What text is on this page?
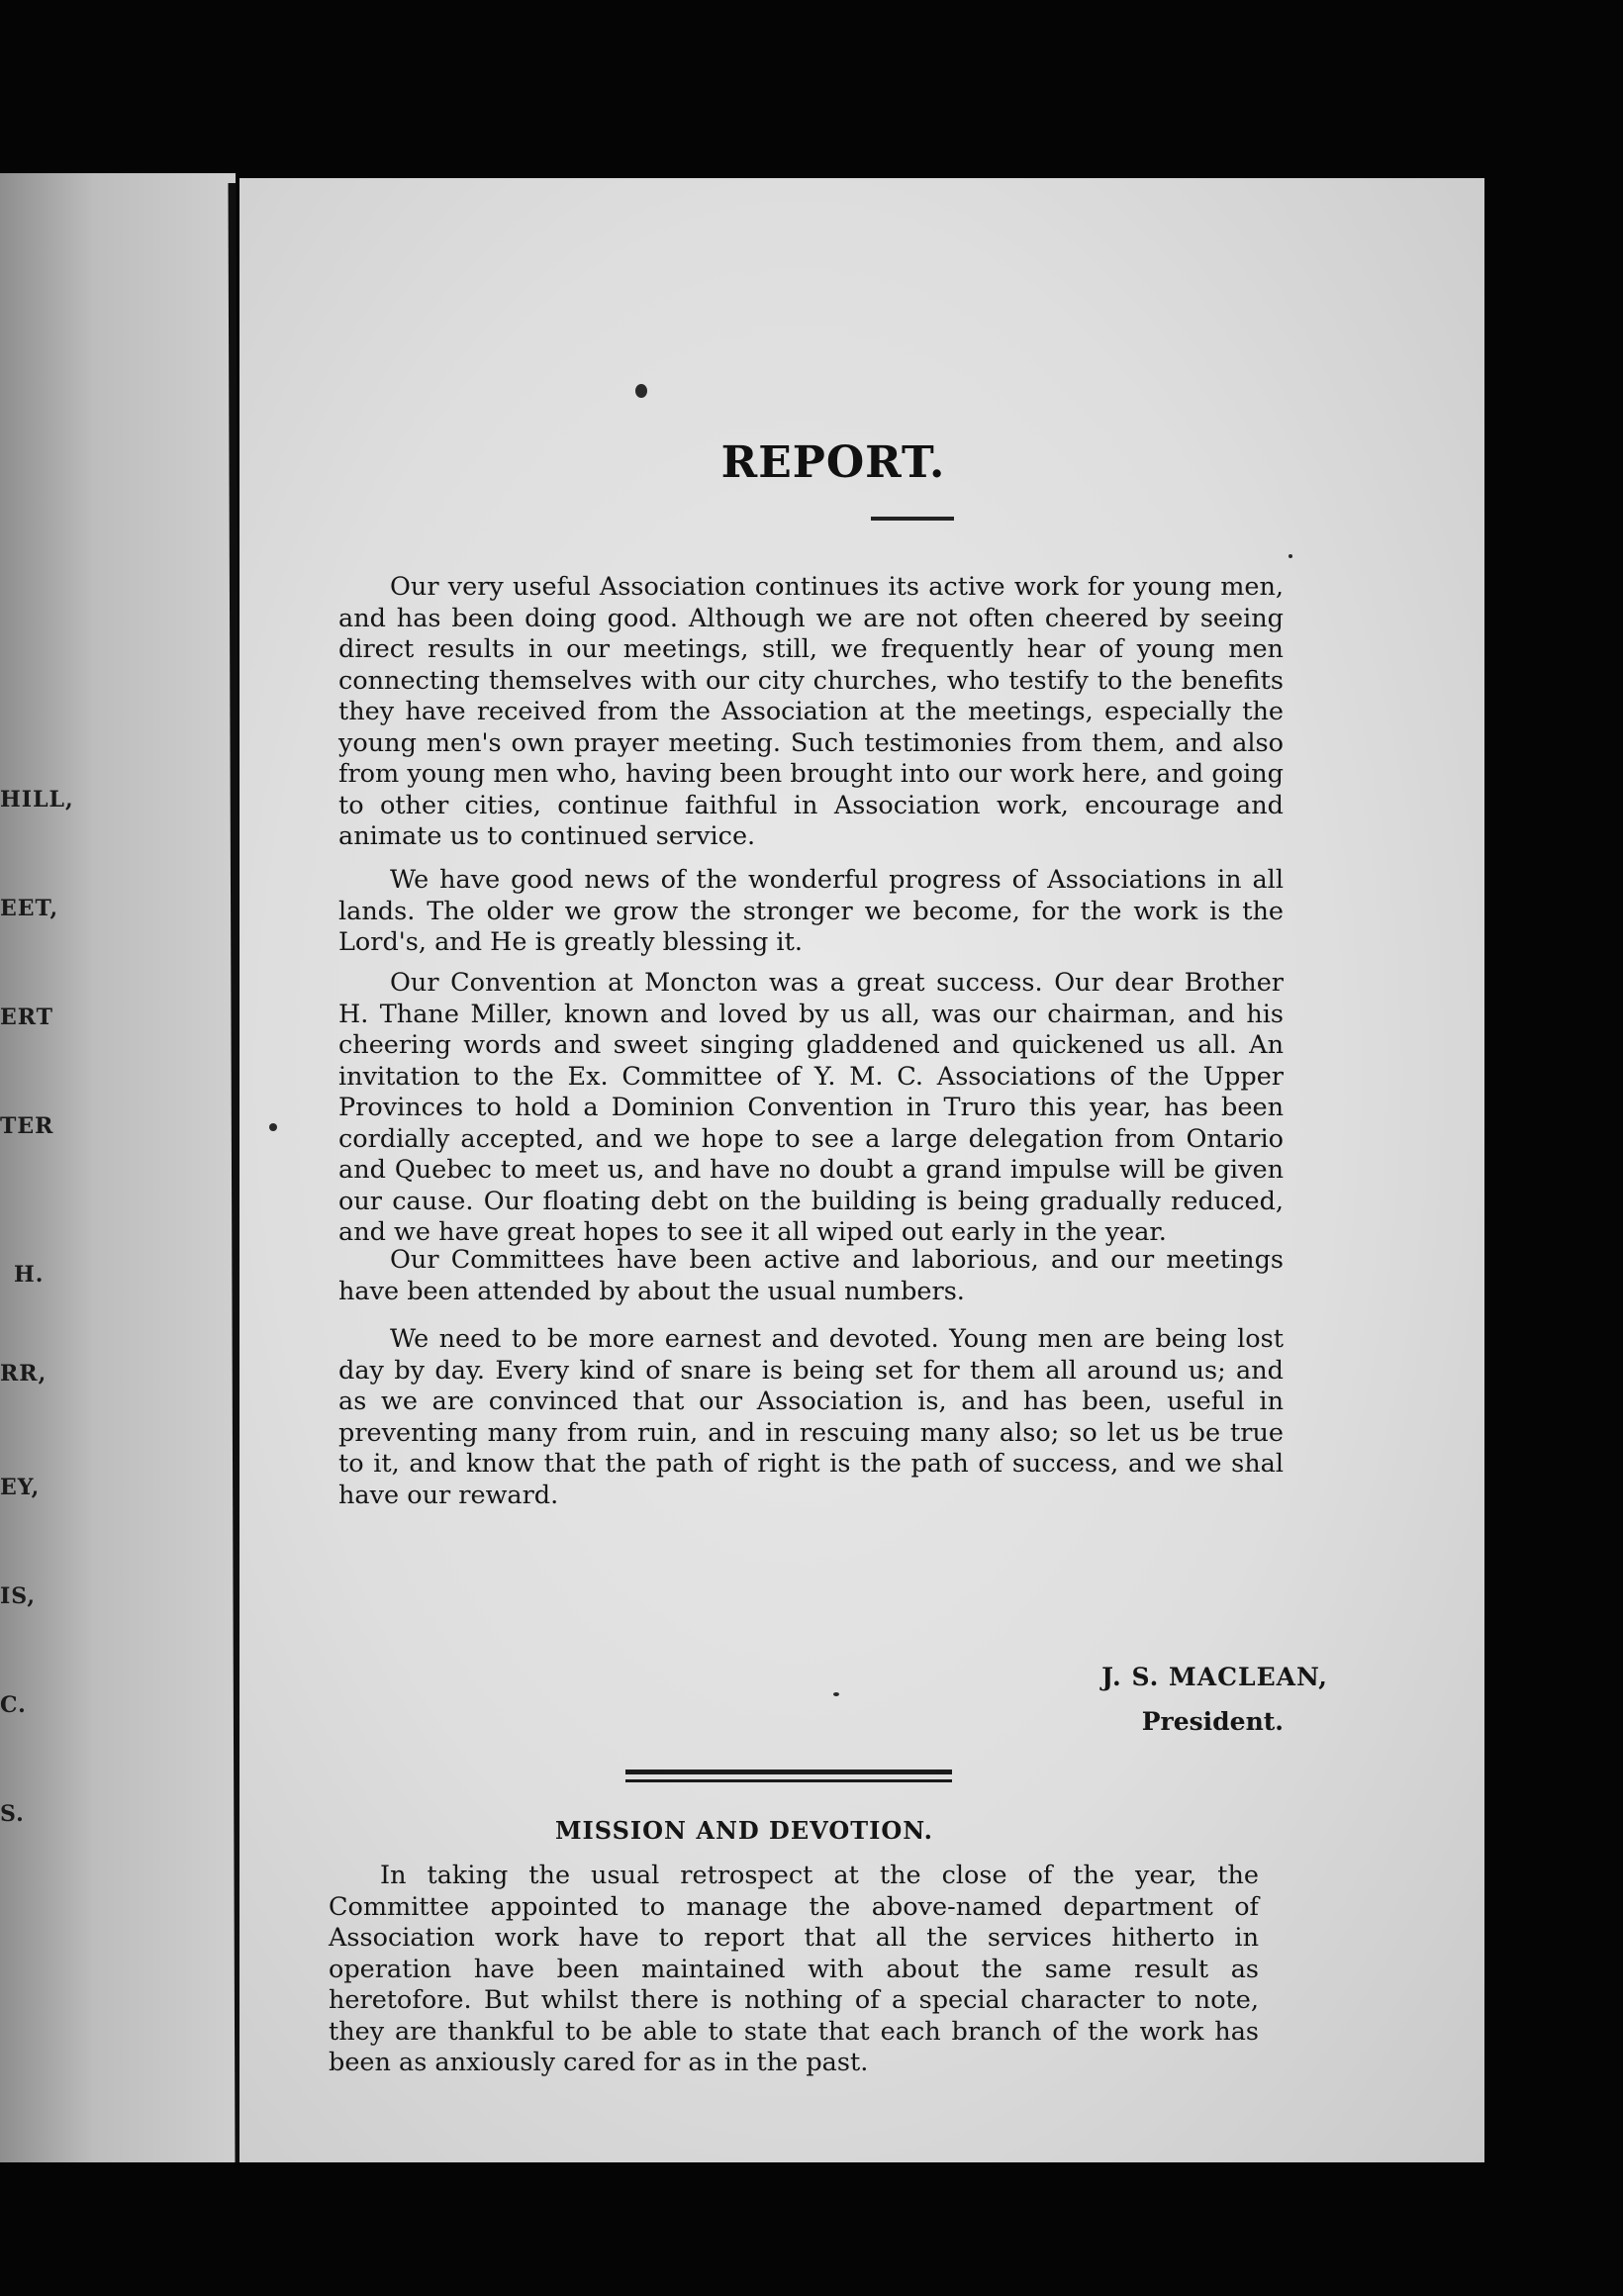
HILL,
EET,
ERT
TER
H.
RR,
EY,
IS,
C.
S.
REPORT.
Our very useful Association continues its active work for young men, and has been doing good. Although we are not often cheered by seeing direct results in our meetings, still, we frequently hear of young men connecting themselves with our city churches, who testify to the benefits they have received from the Association at the meetings, especially the young men's own prayer meeting. Such testimonies from them, and also from young men who, having been brought into our work here, and going to other cities, continue faithful in Association work, encourage and animate us to continued service.
We have good news of the wonderful progress of Associations in all lands. The older we grow the stronger we become, for the work is the Lord's, and He is greatly blessing it.
Our Convention at Moncton was a great success. Our dear Brother H. Thane Miller, known and loved by us all, was our chairman, and his cheering words and sweet singing gladdened and quickened us all. An invitation to the Ex. Committee of Y. M. C. Associations of the Upper Provinces to hold a Dominion Convention in Truro this year, has been cordially accepted, and we hope to see a large delegation from Ontario and Quebec to meet us, and have no doubt a grand impulse will be given our cause. Our floating debt on the building is being gradually reduced, and we have great hopes to see it all wiped out early in the year.
Our Committees have been active and laborious, and our meetings have been attended by about the usual numbers.
We need to be more earnest and devoted. Young men are being lost day by day. Every kind of snare is being set for them all around us; and as we are convinced that our Association is, and has been, useful in preventing many from ruin, and in rescuing many also; so let us be true to it, and know that the path of right is the path of success, and we shal have our reward.
J. S. MACLEAN,
President.
MISSION AND DEVOTION.
In taking the usual retrospect at the close of the year, the Committee appointed to manage the above-named department of Association work have to report that all the services hitherto in operation have been maintained with about the same result as heretofore. But whilst there is nothing of a special character to note, they are thankful to be able to state that each branch of the work has been as anxiously cared for as in the past.
